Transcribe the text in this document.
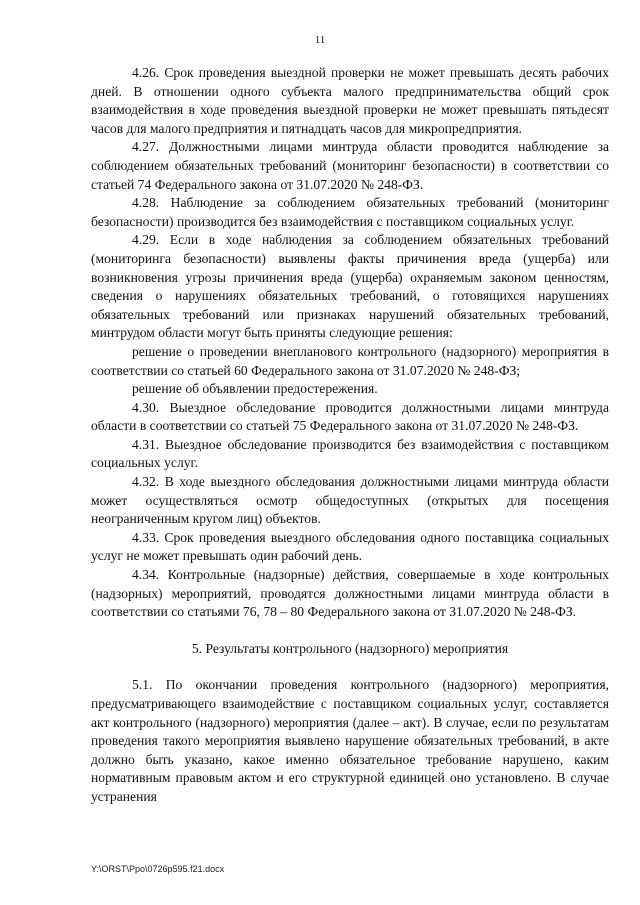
11

4.26. Срок проведения выездной проверки не может превышать десять рабочих дней. В отношении одного субъекта малого предпринимательства общий срок взаимодействия в ходе проведения выездной проверки не может превышать пятьдесят часов для малого предприятия и пятнадцать часов для микропредприятия.

4.27. Должностными лицами минтруда области проводится наблюдение за соблюдением обязательных требований (мониторинг безопасности) в соответствии со статьей 74 Федерального закона от 31.07.2020 № 248-ФЗ.

4.28. Наблюдение за соблюдением обязательных требований (мониторинг безопасности) производится без взаимодействия с поставщиком социальных услуг.

4.29. Если в ходе наблюдения за соблюдением обязательных требований (мониторинга безопасности) выявлены факты причинения вреда (ущерба) или возникновения угрозы причинения вреда (ущерба) охраняемым законом ценностям, сведения о нарушениях обязательных требований, о готовящихся нарушениях обязательных требований или признаках нарушений обязательных требований, минтрудом области могут быть приняты следующие решения:

решение о проведении внепланового контрольного (надзорного) мероприятия в соответствии со статьей 60 Федерального закона от 31.07.2020 № 248-ФЗ;

решение об объявлении предостережения.

4.30. Выездное обследование проводится должностными лицами минтруда области в соответствии со статьей 75 Федерального закона от 31.07.2020 № 248-ФЗ.

4.31. Выездное обследование производится без взаимодействия с поставщиком социальных услуг.

4.32. В ходе выездного обследования должностными лицами минтруда области может осуществляться осмотр общедоступных (открытых для посещения неограниченным кругом лиц) объектов.

4.33. Срок проведения выездного обследования одного поставщика социальных услуг не может превышать один рабочий день.

4.34. Контрольные (надзорные) действия, совершаемые в ходе контрольных (надзорных) мероприятий, проводятся должностными лицами минтруда области в соответствии со статьями 76, 78 – 80 Федерального закона от 31.07.2020 № 248-ФЗ.

5. Результаты контрольного (надзорного) мероприятия

5.1. По окончании проведения контрольного (надзорного) мероприятия, предусматривающего взаимодействие с поставщиком социальных услуг, составляется акт контрольного (надзорного) мероприятия (далее – акт). В случае, если по результатам проведения такого мероприятия выявлено нарушение обязательных требований, в акте должно быть указано, какое именно обязательное требование нарушено, каким нормативным правовым актом и его структурной единицей оно установлено. В случае устранения

Y:\ORST\Ppo\0726p595.f21.docx
